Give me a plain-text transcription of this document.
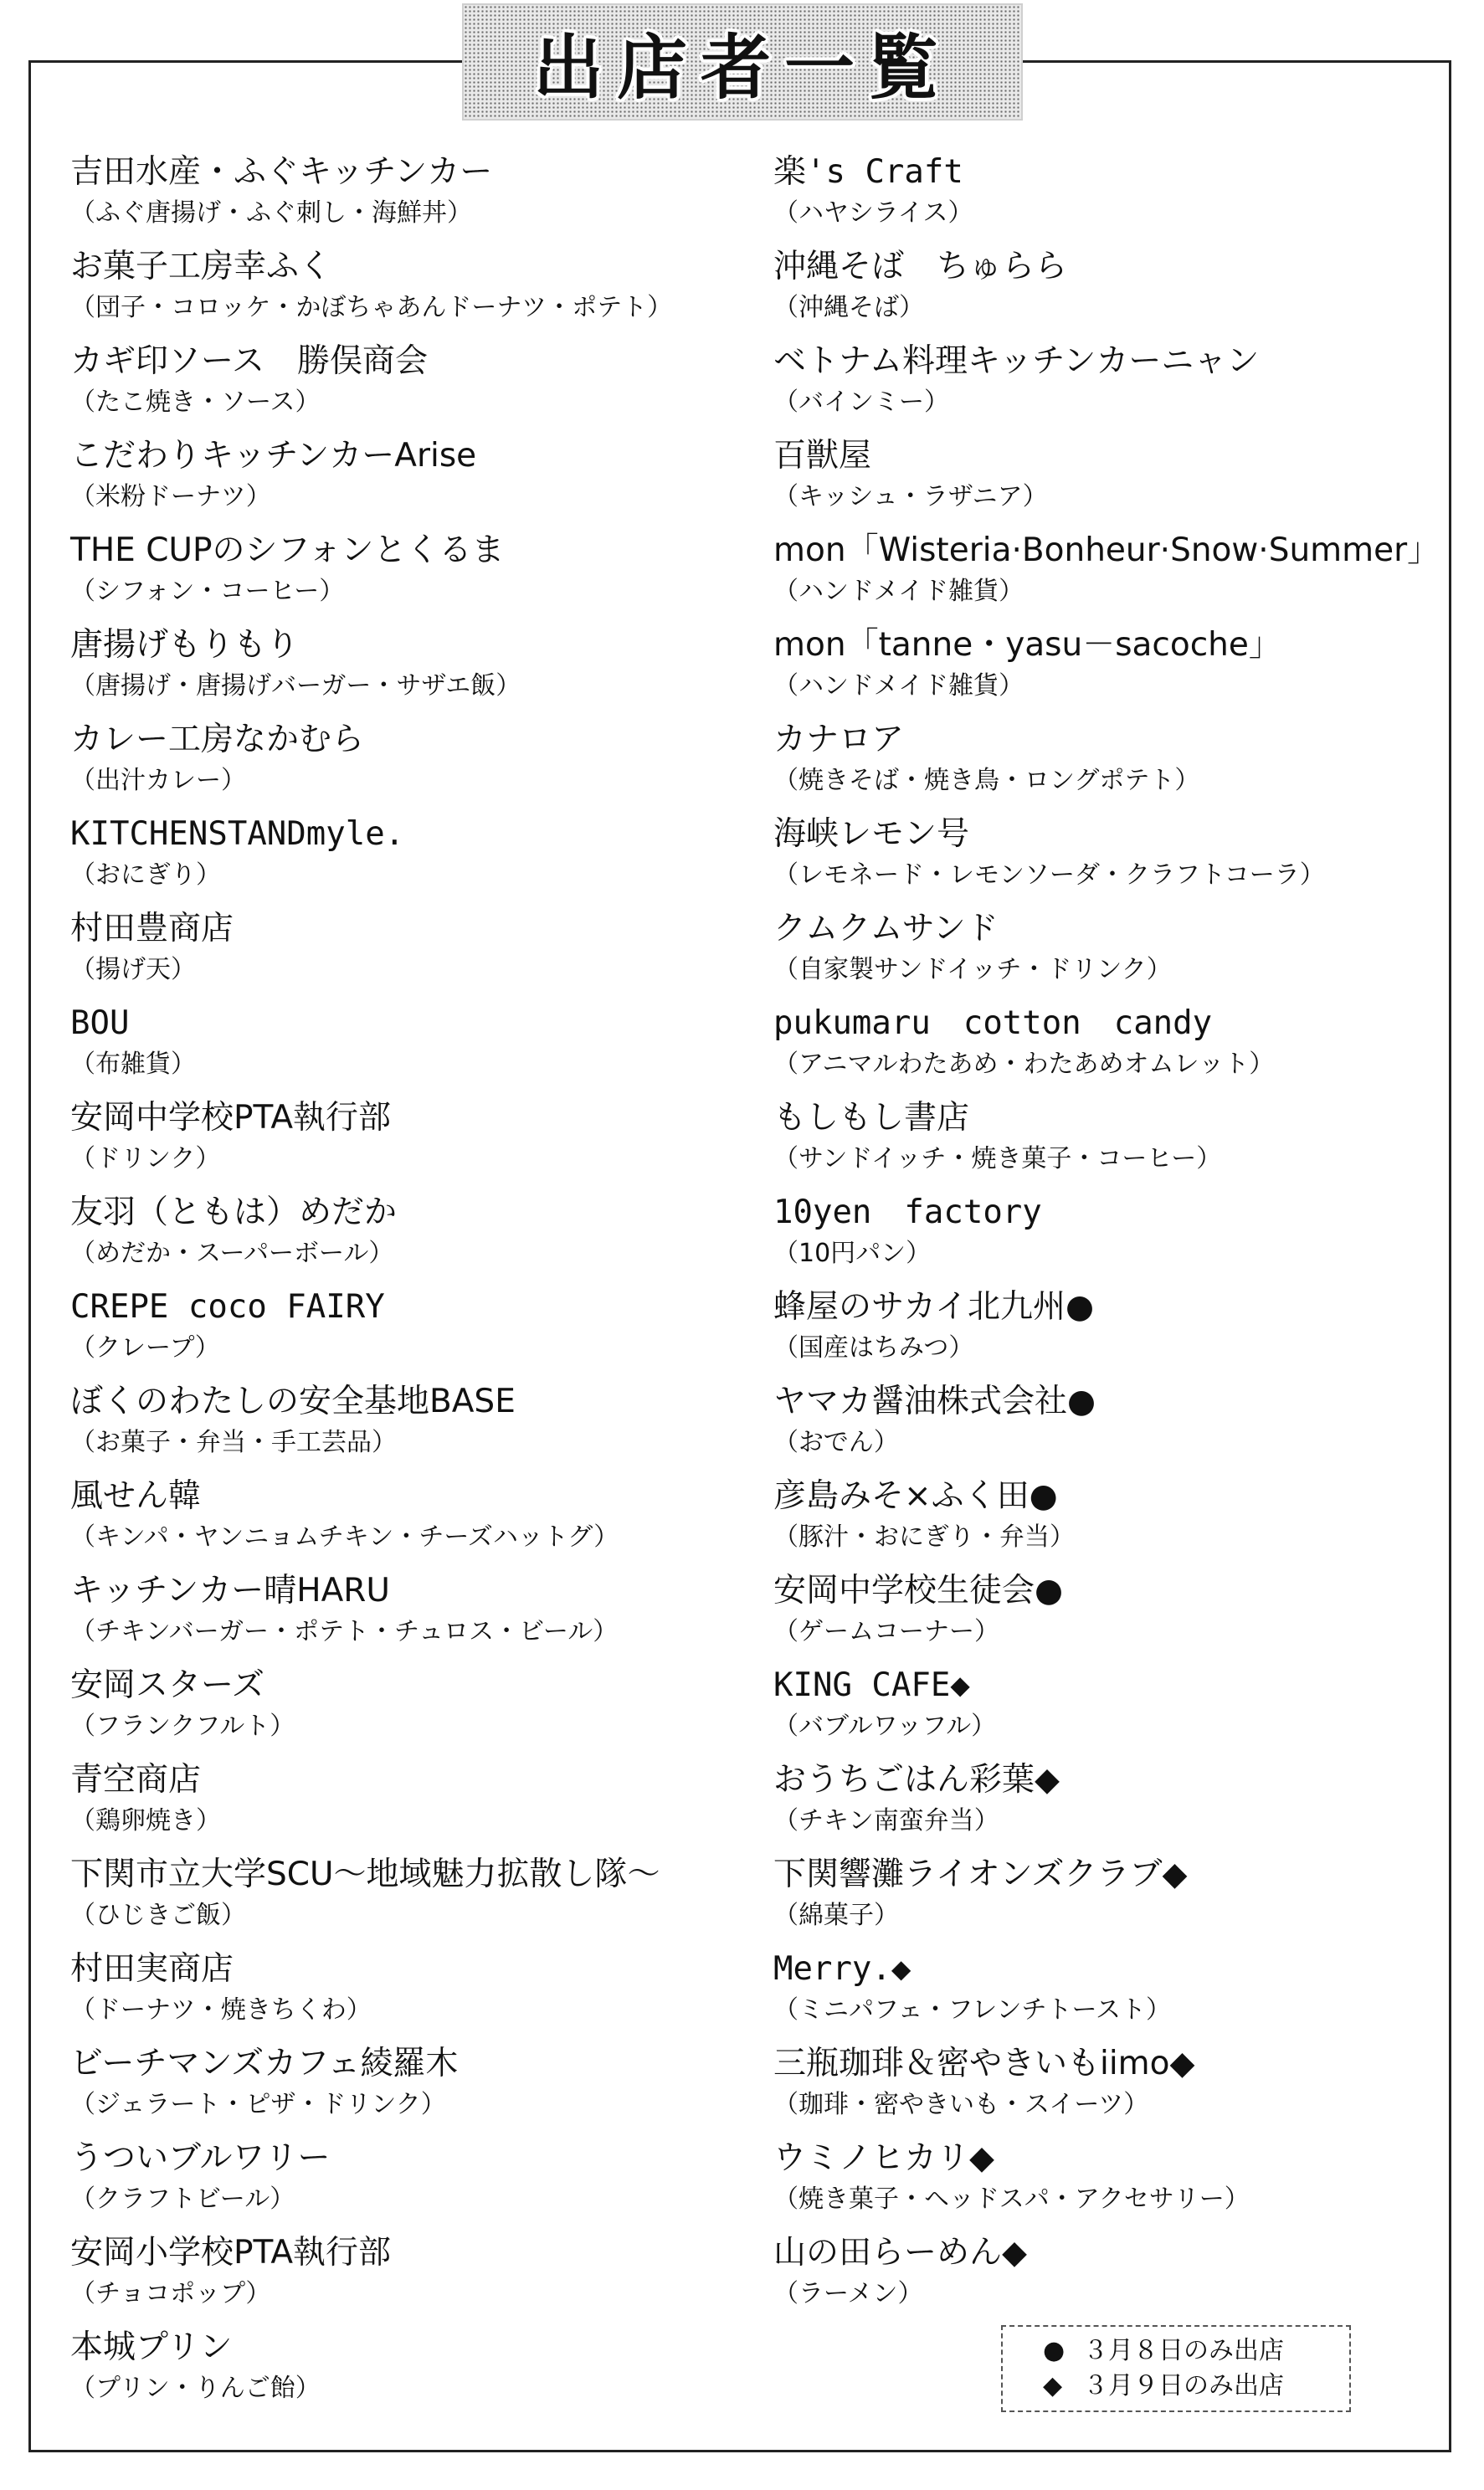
出店者一覧
吉田水産・ふぐキッチンカー
（ふぐ唐揚げ・ふぐ刺し・海鮮丼）
お菓子工房幸ふく
（団子・コロッケ・かぼちゃあんドーナツ・ポテト）
カギ印ソース　勝俣商会
（たこ焼き・ソース）
こだわりキッチンカーArise
（米粉ドーナツ）
THE CUPのシフォンとくるま
（シフォン・コーヒー）
唐揚げもりもり
（唐揚げ・唐揚げバーガー・サザエ飯）
カレー工房なかむら
（出汁カレー）
KITCHENSTANDmyle.
（おにぎり）
村田豊商店
（揚げ天）
BOU
（布雑貨）
安岡中学校PTA執行部
（ドリンク）
友羽（ともは）めだか
（めだか・スーパーボール）
CREPE coco FAIRY
（クレープ）
ぼくのわたしの安全基地BASE
（お菓子・弁当・手工芸品）
風せん韓
（キンパ・ヤンニョムチキン・チーズハットグ）
キッチンカー晴HARU
（チキンバーガー・ポテト・チュロス・ビール）
安岡スターズ
（フランクフルト）
青空商店
（鶏卵焼き）
下関市立大学SCU～地域魅力拡散し隊～
（ひじきご飯）
村田実商店
（ドーナツ・焼きちくわ）
ビーチマンズカフェ綾羅木
（ジェラート・ピザ・ドリンク）
うついブルワリー
（クラフトビール）
安岡小学校PTA執行部
（チョコポップ）
本城プリン
（プリン・りんご飴）
楽's Craft
（ハヤシライス）
沖縄そば　ちゅらら
（沖縄そば）
ベトナム料理キッチンカーニャン
（バインミー）
百獣屋
（キッシュ・ラザニア）
mon「Wisteria·Bonheur·Snow·Summer」
（ハンドメイド雑貨）
mon「tanne・yasu－sacoche」
（ハンドメイド雑貨）
カナロア
（焼きそば・焼き鳥・ロングポテト）
海峡レモン号
（レモネード・レモンソーダ・クラフトコーラ）
クムクムサンド
（自家製サンドイッチ・ドリンク）
pukumaru　cotton　candy
（アニマルわたあめ・わたあめオムレット）
もしもし書店
（サンドイッチ・焼き菓子・コーヒー）
10yen　factory
（10円パン）
蜂屋のサカイ北九州●
（国産はちみつ）
ヤマカ醤油株式会社●
（おでん）
彦島みそ×ふく田●
（豚汁・おにぎり・弁当）
安岡中学校生徒会●
（ゲームコーナー）
KING CAFE◆
（バブルワッフル）
おうちごはん彩葉◆
（チキン南蛮弁当）
下関響灘ライオンズクラブ◆
（綿菓子）
Merry.◆
（ミニパフェ・フレンチトースト）
三瓶珈琲＆密やきいもiimo◆
（珈琲・密やきいも・スイーツ）
ウミノヒカリ◆
（焼き菓子・ヘッドスパ・アクセサリー）
山の田らーめん◆
（ラーメン）
● ３月８日のみ出店
◆ ３月９日のみ出店
